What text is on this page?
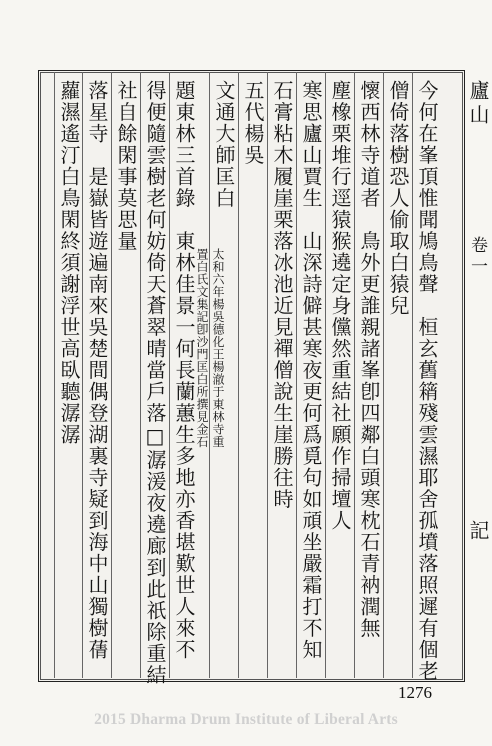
今何在峯頂惟聞鳩鳥聲　桓玄舊䈾殘雲濕耶舍孤墳落照遲有個老
僧倚落樹恐人偷取白猿兒
懷西林寺道者　鳥外更誰親諸峯卽四鄰白頭寒枕石青衲潤無
塵橡栗堆行逕猿猴遶定身儻然重結社願作掃壇人
寒思廬山賈生　山深詩僻甚寒夜更何爲覓句如頑坐嚴霜打不知
石膏粘木履崖栗落冰池近見禪僧說生崖勝往時
五代楊吳
文通大師匡白
太和六年楊吳德化王楊澈于東林寺重
置白氏文集記卽沙門匡白所撰見金石
題東林三首錄　東林佳景一何長蘭蕙生多地亦香堪歎世人來不
得便隨雲樹老何妨倚天蒼翠晴當戶落□潺湲夜遶廊到此祇除重結
社自餘閑事莫思量
落星寺　是嶽皆遊遍南來吳楚間偶登湖裏寺疑到海中山獨樹蒨
蘿濕遙汀白鳥閑終須謝浮世高臥聽潺潺	廬山
卷一
記
1276
2015 Dharma Drum Institute of Liberal Arts
